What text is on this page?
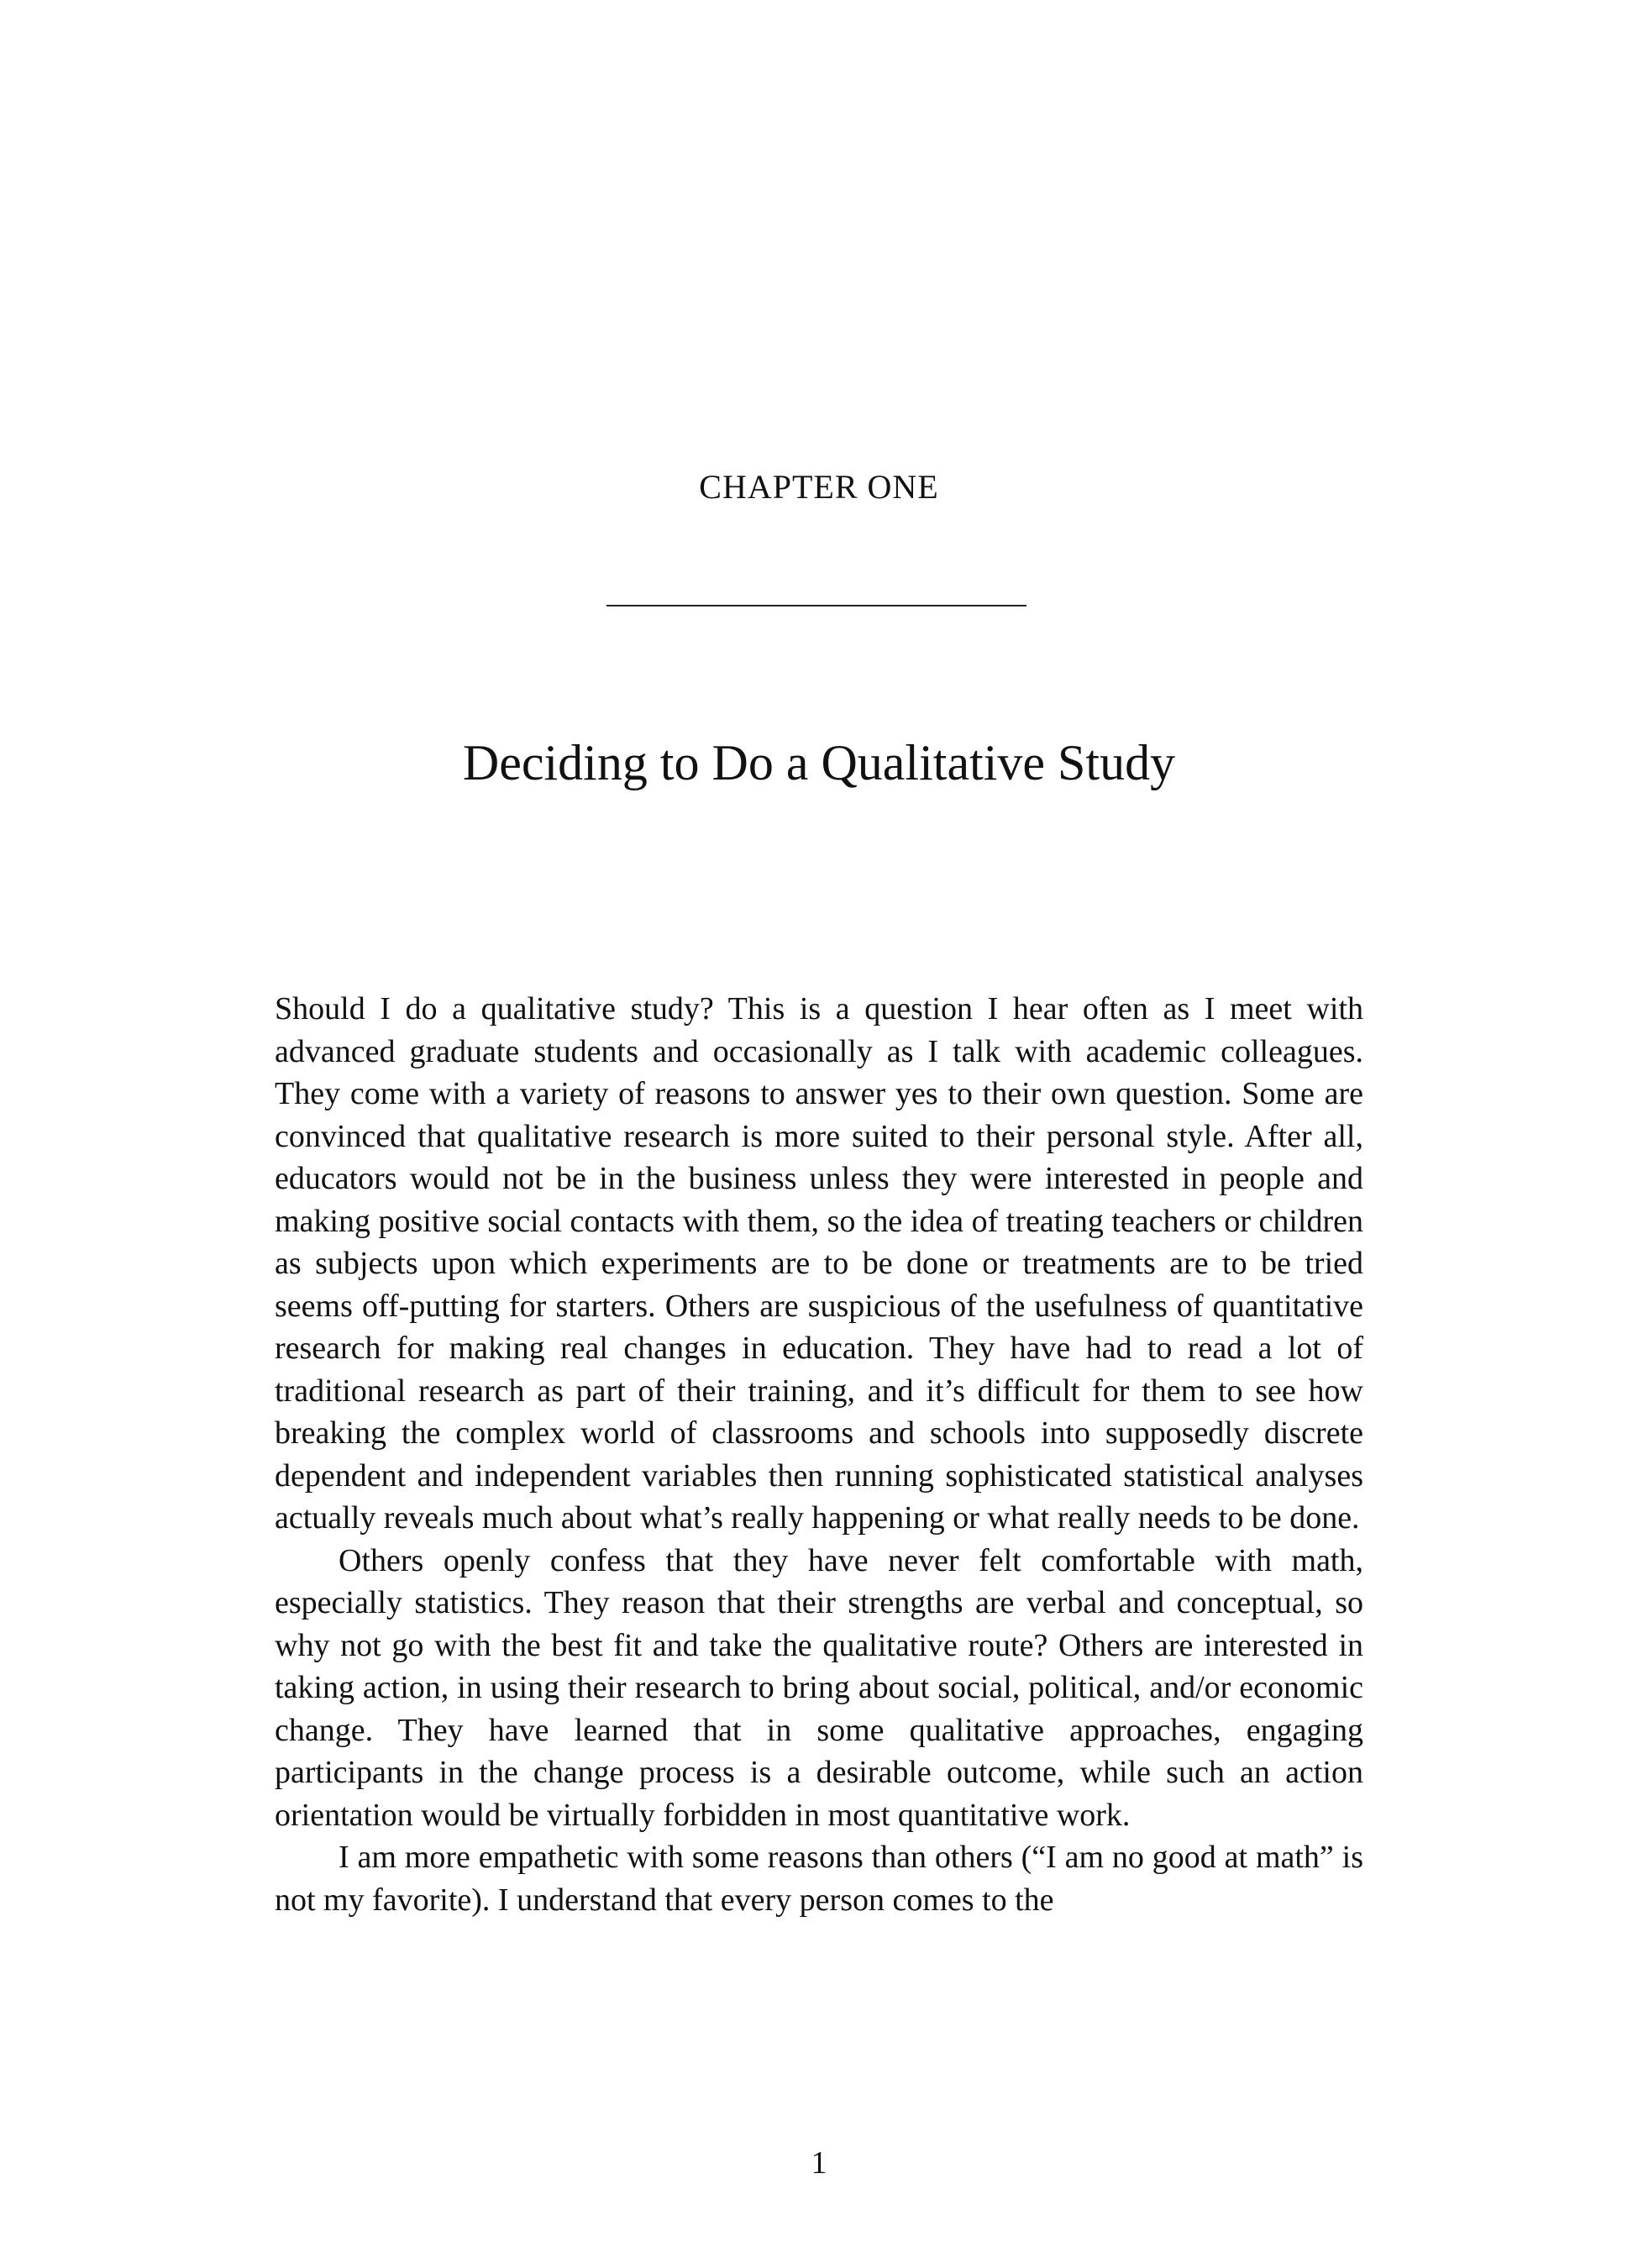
CHAPTER ONE
Deciding to Do a Qualitative Study

Should I do a qualitative study? This is a question I hear often as I meet with advanced graduate students and occasionally as I talk with academic colleagues. They come with a variety of reasons to answer yes to their own question. Some are convinced that qualitative research is more suited to their personal style. After all, educators would not be in the business unless they were interested in people and making positive social contacts with them, so the idea of treating teachers or children as subjects upon which experiments are to be done or treatments are to be tried seems off-putting for starters. Others are suspicious of the usefulness of quantitative research for making real changes in education. They have had to read a lot of traditional research as part of their training, and it’s difficult for them to see how breaking the complex world of classrooms and schools into supposedly discrete dependent and independent variables then running sophisticated statistical analyses actually reveals much about what’s really happening or what really needs to be done.

Others openly confess that they have never felt comfortable with math, especially statistics. They reason that their strengths are verbal and conceptual, so why not go with the best fit and take the qualitative route? Others are interested in taking action, in using their research to bring about social, political, and/or economic change. They have learned that in some qualitative approaches, engaging participants in the change process is a desirable outcome, while such an action orientation would be virtually forbidden in most quantitative work.

I am more empathetic with some reasons than others (“I am no good at math” is not my favorite). I understand that every person comes to the

1
